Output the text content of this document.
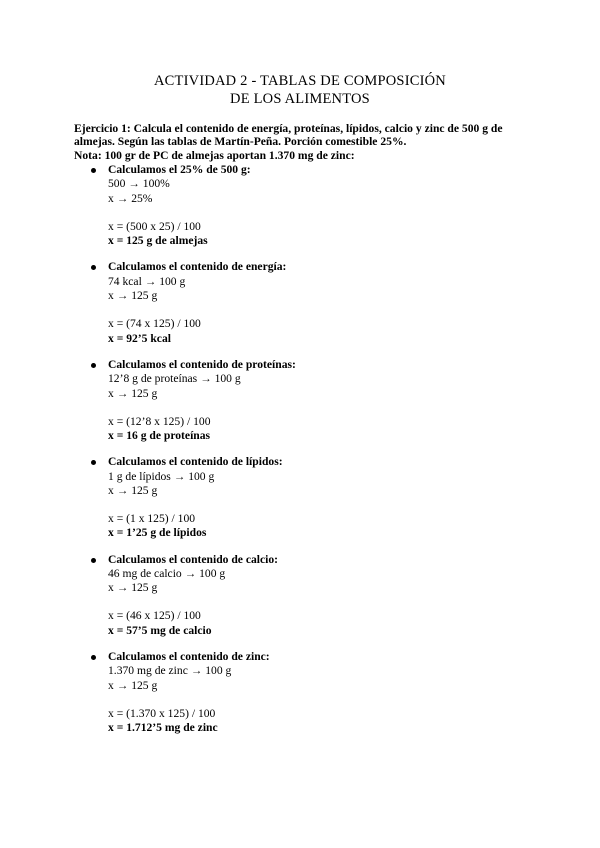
ACTIVIDAD 2 - TABLAS DE COMPOSICIÓN
DE LOS ALIMENTOS
Ejercicio 1: Calcula el contenido de energía, proteínas, lípidos, calcio y zinc de 500 g de almejas. Según las tablas de Martín-Peña. Porción comestible 25%.
Nota: 100 gr de PC de almejas aportan 1.370 mg de zinc:
Calculamos el 25% de 500 g:
500 → 100%
x → 25%
x = (500 x 25) / 100
x = 125 g de almejas
Calculamos el contenido de energía:
74 kcal → 100 g
x → 125 g
x = (74 x 125) / 100
x = 92’5 kcal
Calculamos el contenido de proteínas:
12’8 g de proteínas → 100 g
x → 125 g
x = (12’8 x 125) / 100
x = 16 g de proteínas
Calculamos el contenido de lípidos:
1 g de lípidos → 100 g
x → 125 g
x = (1 x 125) / 100
x = 1’25 g de lípidos
Calculamos el contenido de calcio:
46 mg de calcio → 100 g
x → 125 g
x = (46 x 125) / 100
x = 57’5 mg de calcio
Calculamos el contenido de zinc:
1.370 mg de zinc → 100 g
x → 125 g
x = (1.370 x 125) / 100
x = 1.712’5 mg de zinc
